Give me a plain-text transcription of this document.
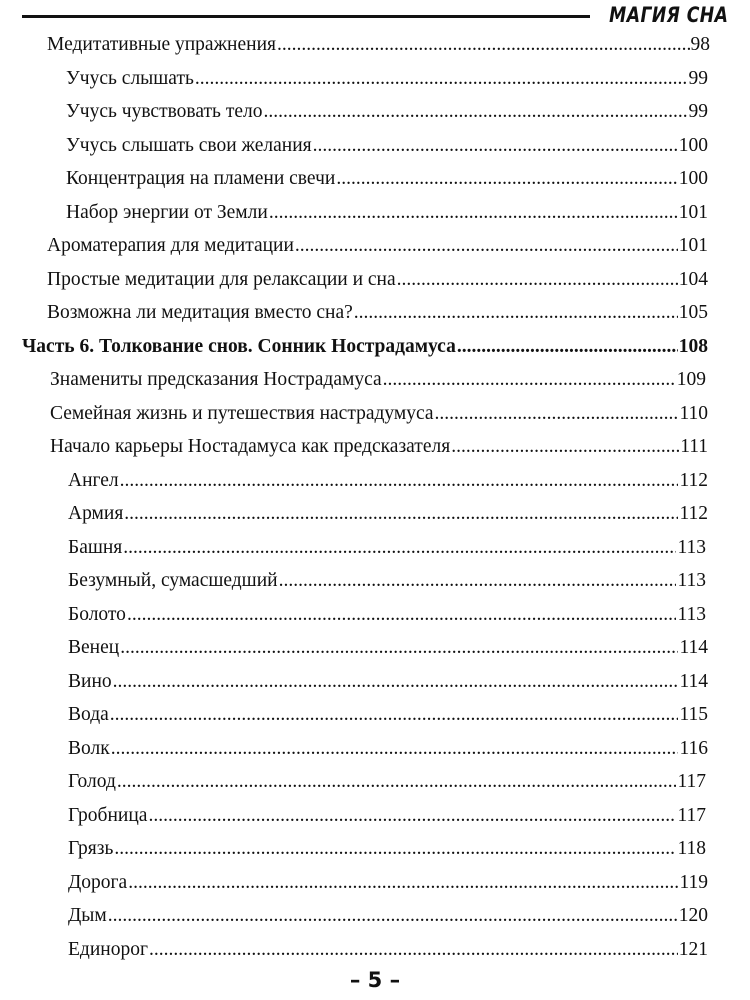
МАГИЯ СНА
Медитативные упражнения .....	98
Учусь слышать .....	99
Учусь чувствовать тело .....	99
Учусь слышать свои желания .....	100
Концентрация на пламени свечи .....	100
Набор энергии от Земли .....	101
Ароматерапия для медитации .....	101
Простые медитации для релаксации и сна .....	104
Возможна ли медитация вместо сна? .....	105
Часть 6. Толкование снов. Сонник Нострадамуса .....	108
Знамениты предсказания Нострадамуса .....	109
Семейная жизнь и путешествия настрадумуса .....	110
Начало карьеры Ностадамуса как предсказателя .....	111
Ангел .....	112
Армия .....	112
Башня .....	113
Безумный, сумасшедший .....	113
Болото .....	113
Венец .....	114
Вино .....	114
Вода .....	115
Волк .....	116
Голод .....	117
Гробница .....	117
Грязь .....	118
Дорога .....	119
Дым .....	120
Единорог .....	121
– 5 –
